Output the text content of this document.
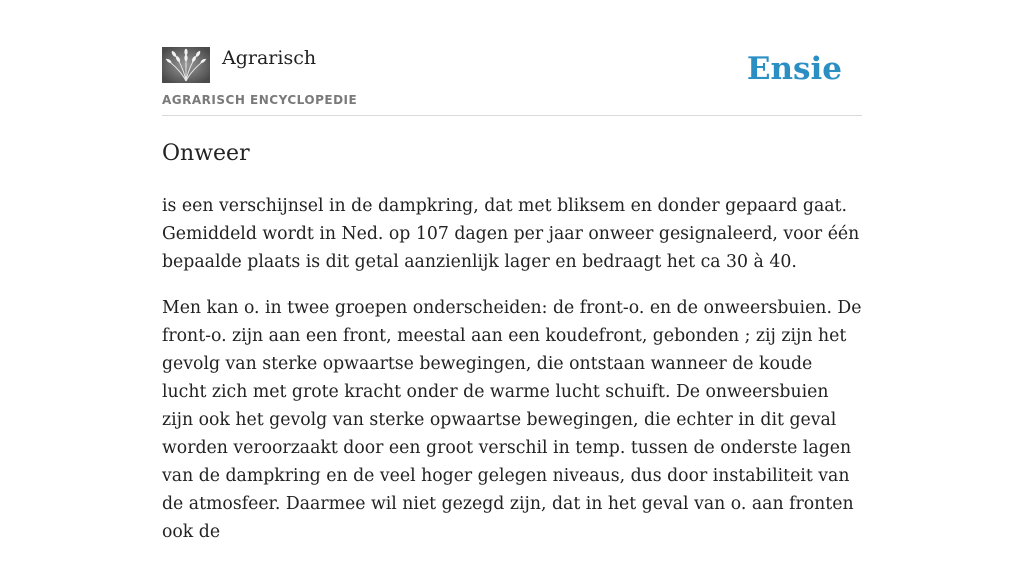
Agrarisch
AGRARISCH ENCYCLOPEDIE
Ensie
Onweer

is een verschijnsel in de dampkring, dat met bliksem en donder gepaard gaat. Gemiddeld wordt in Ned. op 107 dagen per jaar onweer gesignaleerd, voor één bepaalde plaats is dit getal aanzienlijk lager en bedraagt het ca 30 à 40.

Men kan o. in twee groepen onderscheiden: de front-o. en de onweersbuien. De front-o. zijn aan een front, meestal aan een koudefront, gebonden ; zij zijn het gevolg van sterke opwaartse bewegingen, die ontstaan wanneer de koude lucht zich met grote kracht onder de warme lucht schuift. De onweersbuien zijn ook het gevolg van sterke opwaartse bewegingen, die echter in dit geval worden veroorzaakt door een groot verschil in temp. tussen de onderste lagen van de dampkring en de veel hoger gelegen niveaus, dus door instabiliteit van de atmosfeer. Daarmee wil niet gezegd zijn, dat in het geval van o. aan fronten ook de
